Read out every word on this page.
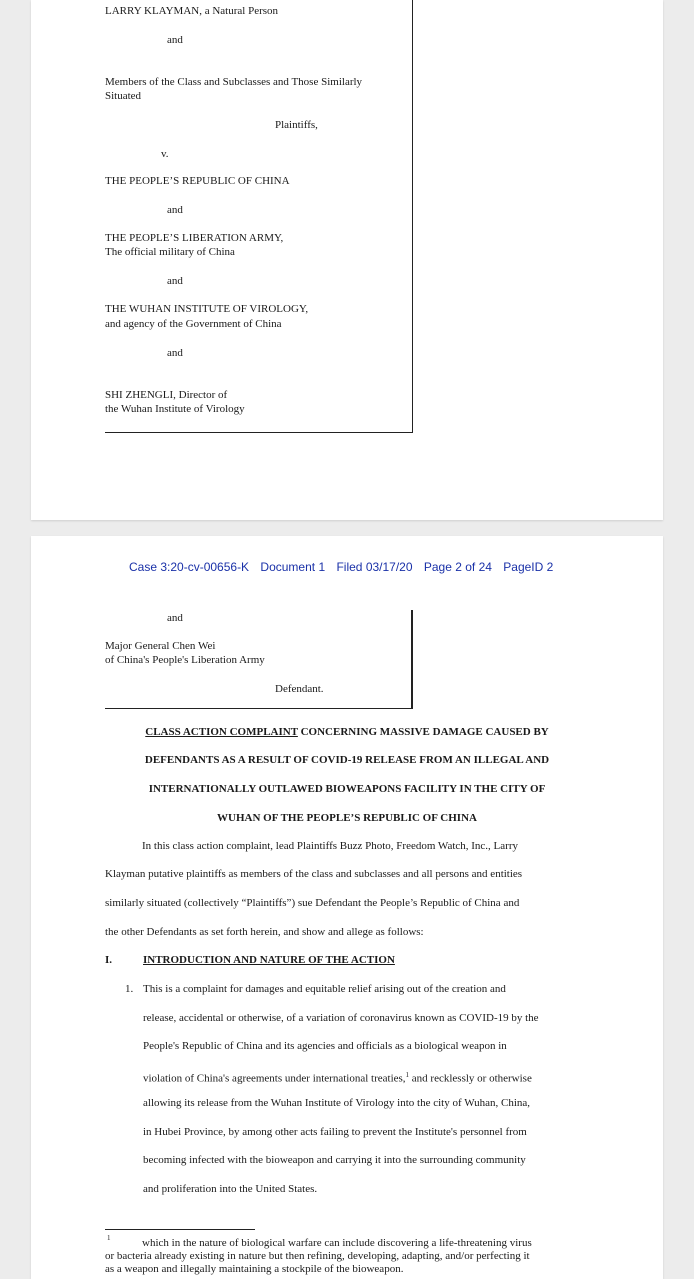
LARRY KLAYMAN, a Natural Person
and
Members of the Class and Subclasses and Those Similarly
Situated
Plaintiffs,
v.
THE PEOPLE’S REPUBLIC OF CHINA
and
THE PEOPLE’S LIBERATION ARMY,
The official military of China
and
THE WUHAN INSTITUTE OF VIROLOGY,
and agency of the Government of China
and
SHI ZHENGLI, Director of
the Wuhan Institute of Virology
Case 3:20-cv-00656-K Document 1 Filed 03/17/20 Page 2 of 24 PageID 2
and
Major General Chen Wei
of China's People's Liberation Army
Defendant.
CLASS ACTION COMPLAINT CONCERNING MASSIVE DAMAGE CAUSED BY
DEFENDANTS AS A RESULT OF COVID-19 RELEASE FROM AN ILLEGAL AND
INTERNATIONALLY OUTLAWED BIOWEAPONS FACILITY IN THE CITY OF
WUHAN OF THE PEOPLE’S REPUBLIC OF CHINA
In this class action complaint, lead Plaintiffs Buzz Photo, Freedom Watch, Inc., Larry
Klayman putative plaintiffs as members of the class and subclasses and all persons and entities
similarly situated (collectively “Plaintiffs”) sue Defendant the People’s Republic of China and
the other Defendants as set forth herein, and show and allege as follows:
I.	INTRODUCTION AND NATURE OF THE ACTION
1. This is a complaint for damages and equitable relief arising out of the creation and
release, accidental or otherwise, of a variation of coronavirus known as COVID-19 by the
People's Republic of China and its agencies and officials as a biological weapon in
violation of China's agreements under international treaties,$^1$ and recklessly or otherwise
allowing its release from the Wuhan Institute of Virology into the city of Wuhan, China,
in Hubei Province, by among other acts failing to prevent the Institute's personnel from
becoming infected with the bioweapon and carrying it into the surrounding community
and proliferation into the United States.
1	which in the nature of biological warfare can include discovering a life-threatening virus
or bacteria already existing in nature but then refining, developing, adapting, and/or perfecting it
as a weapon and illegally maintaining a stockpile of the bioweapon.
